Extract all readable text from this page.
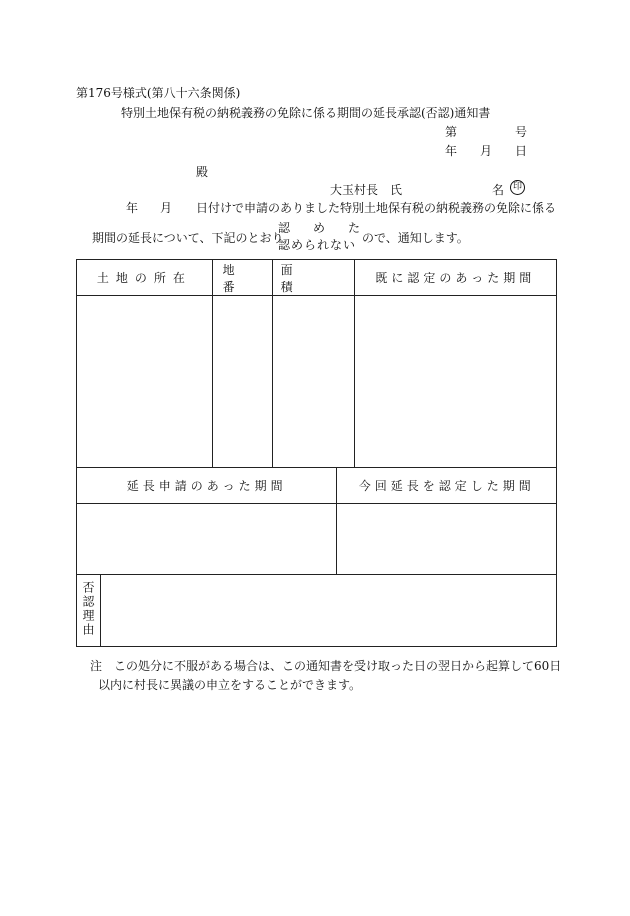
第176号様式(第八十六条関係)
特別土地保有税の納税義務の免除に係る期間の延長承認(否認)通知書
第	号
年 月 日
殿
大玉村長　氏	名 印
年 月 日付けで申請のありました特別土地保有税の納税義務の免除に係る
期間の延長について、下記のとおり
認 め た
認められない ので、通知します。
土地の所在	地番	面積	既に認定のあった期間

延長申請のあった期間	今回延長を認定した期間

否認理由	
注 この処分に不服がある場合は、この通知書を受け取った日の翌日から起算して60日
以内に村長に異議の申立をすることができます。
